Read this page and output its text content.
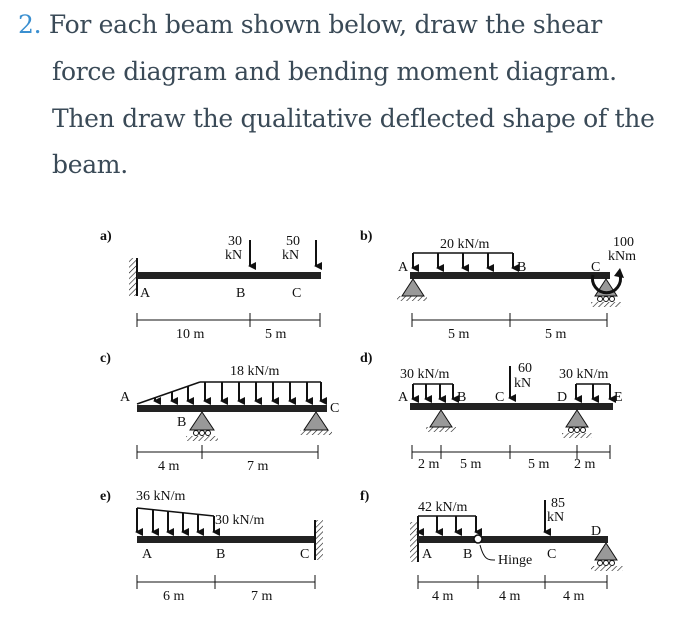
2. For each beam shown below, draw the shear
force diagram and bending moment diagram.
Then draw the qualitative deflected shape of the
beam.
a)	30
kN
50
kN
A	B	C
10 m	5 m
b)
20 kN/m	100
kNm
A	B	C
5 m	5 m
c)
18 kN/m
A
B
C
4 m	7 m
d)
30 kN/m	60
kN
30 kN/m
A	B C	D	E
2 m 5 m	5 m 2 m
e) 36 kN/m
30 kN/m
A	B	C
6 m	7 m
f)
42 kN/m	85
kN
A B Hinge C
D
4 m	4 m	4 m
